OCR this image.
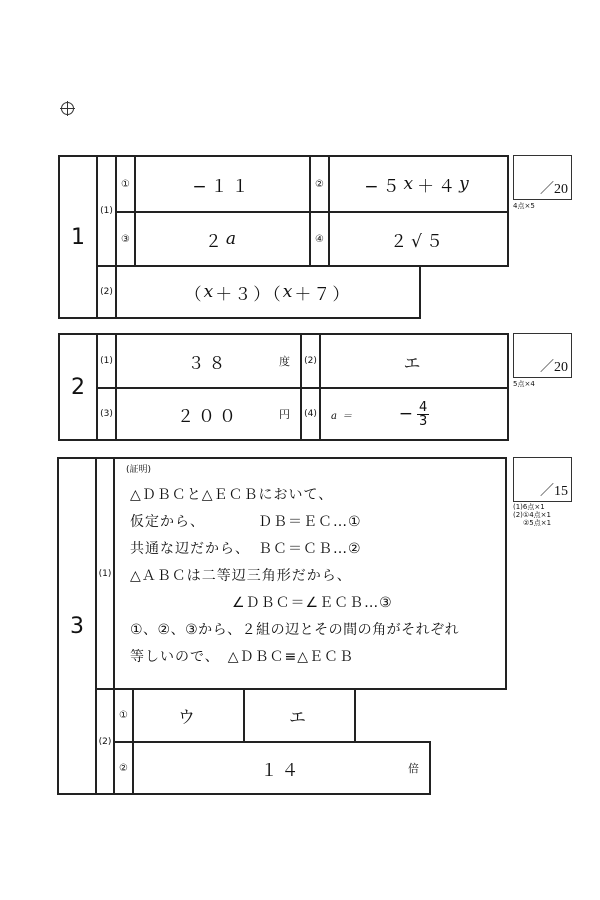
1
(1)
①	−１１	②	−５ x ＋４ y
③	２ a	④	２√５
(2)	（ x ＋３）（ x ＋７）
／20
4点×5
2
(1)	３８	度	(2)	エ
(3)	２００	円	(4)	a ＝	− $\frac{4}{3}$
／20
5点×4
3
(1)
(証明)
△ＤＢＣと△ＥＣＢにおいて、
仮定から、　　　　ＤＢ＝ＥＣ…①
共通な辺だから、　ＢＣ＝ＣＢ…②
△ＡＢＣは二等辺三角形だから、
∠ＤＢＣ＝∠ＥＣＢ…③
①、②、③から、２組の辺とその間の角がそれぞれ
等しいので、　△ＤＢＣ≡△ＥＣＢ
(2)
①	ウ	エ
②	１４	倍
／15
(1)6点×1
(2)①4点×1
②5点×1
